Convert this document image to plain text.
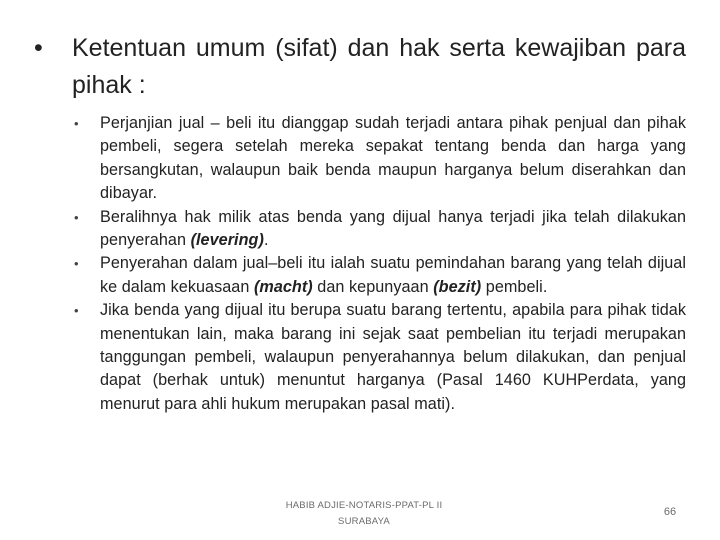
•	Ketentuan umum (sifat) dan hak serta kewajiban para pihak :
• Perjanjian jual – beli itu dianggap sudah terjadi antara pihak penjual dan pihak pembeli, segera setelah mereka sepakat tentang benda dan harga yang bersangkutan, walaupun baik benda maupun harganya belum diserahkan dan dibayar.
• Beralihnya hak milik atas benda yang dijual hanya terjadi jika telah dilakukan penyerahan (levering).
• Penyerahan dalam jual–beli itu ialah suatu pemindahan barang yang telah dijual ke dalam kekuasaan (macht) dan kepunyaan (bezit) pembeli.
• Jika benda yang dijual itu berupa suatu barang tertentu, apabila para pihak tidak menentukan lain, maka barang ini sejak saat pembelian itu terjadi merupakan tanggungan pembeli, walaupun penyerahannya belum dilakukan, dan penjual dapat (berhak untuk) menuntut harganya (Pasal 1460 KUHPerdata, yang menurut para ahli hukum merupakan pasal mati).
HABIB ADJIE-NOTARIS-PPAT-PL II
SURABAYA
66
